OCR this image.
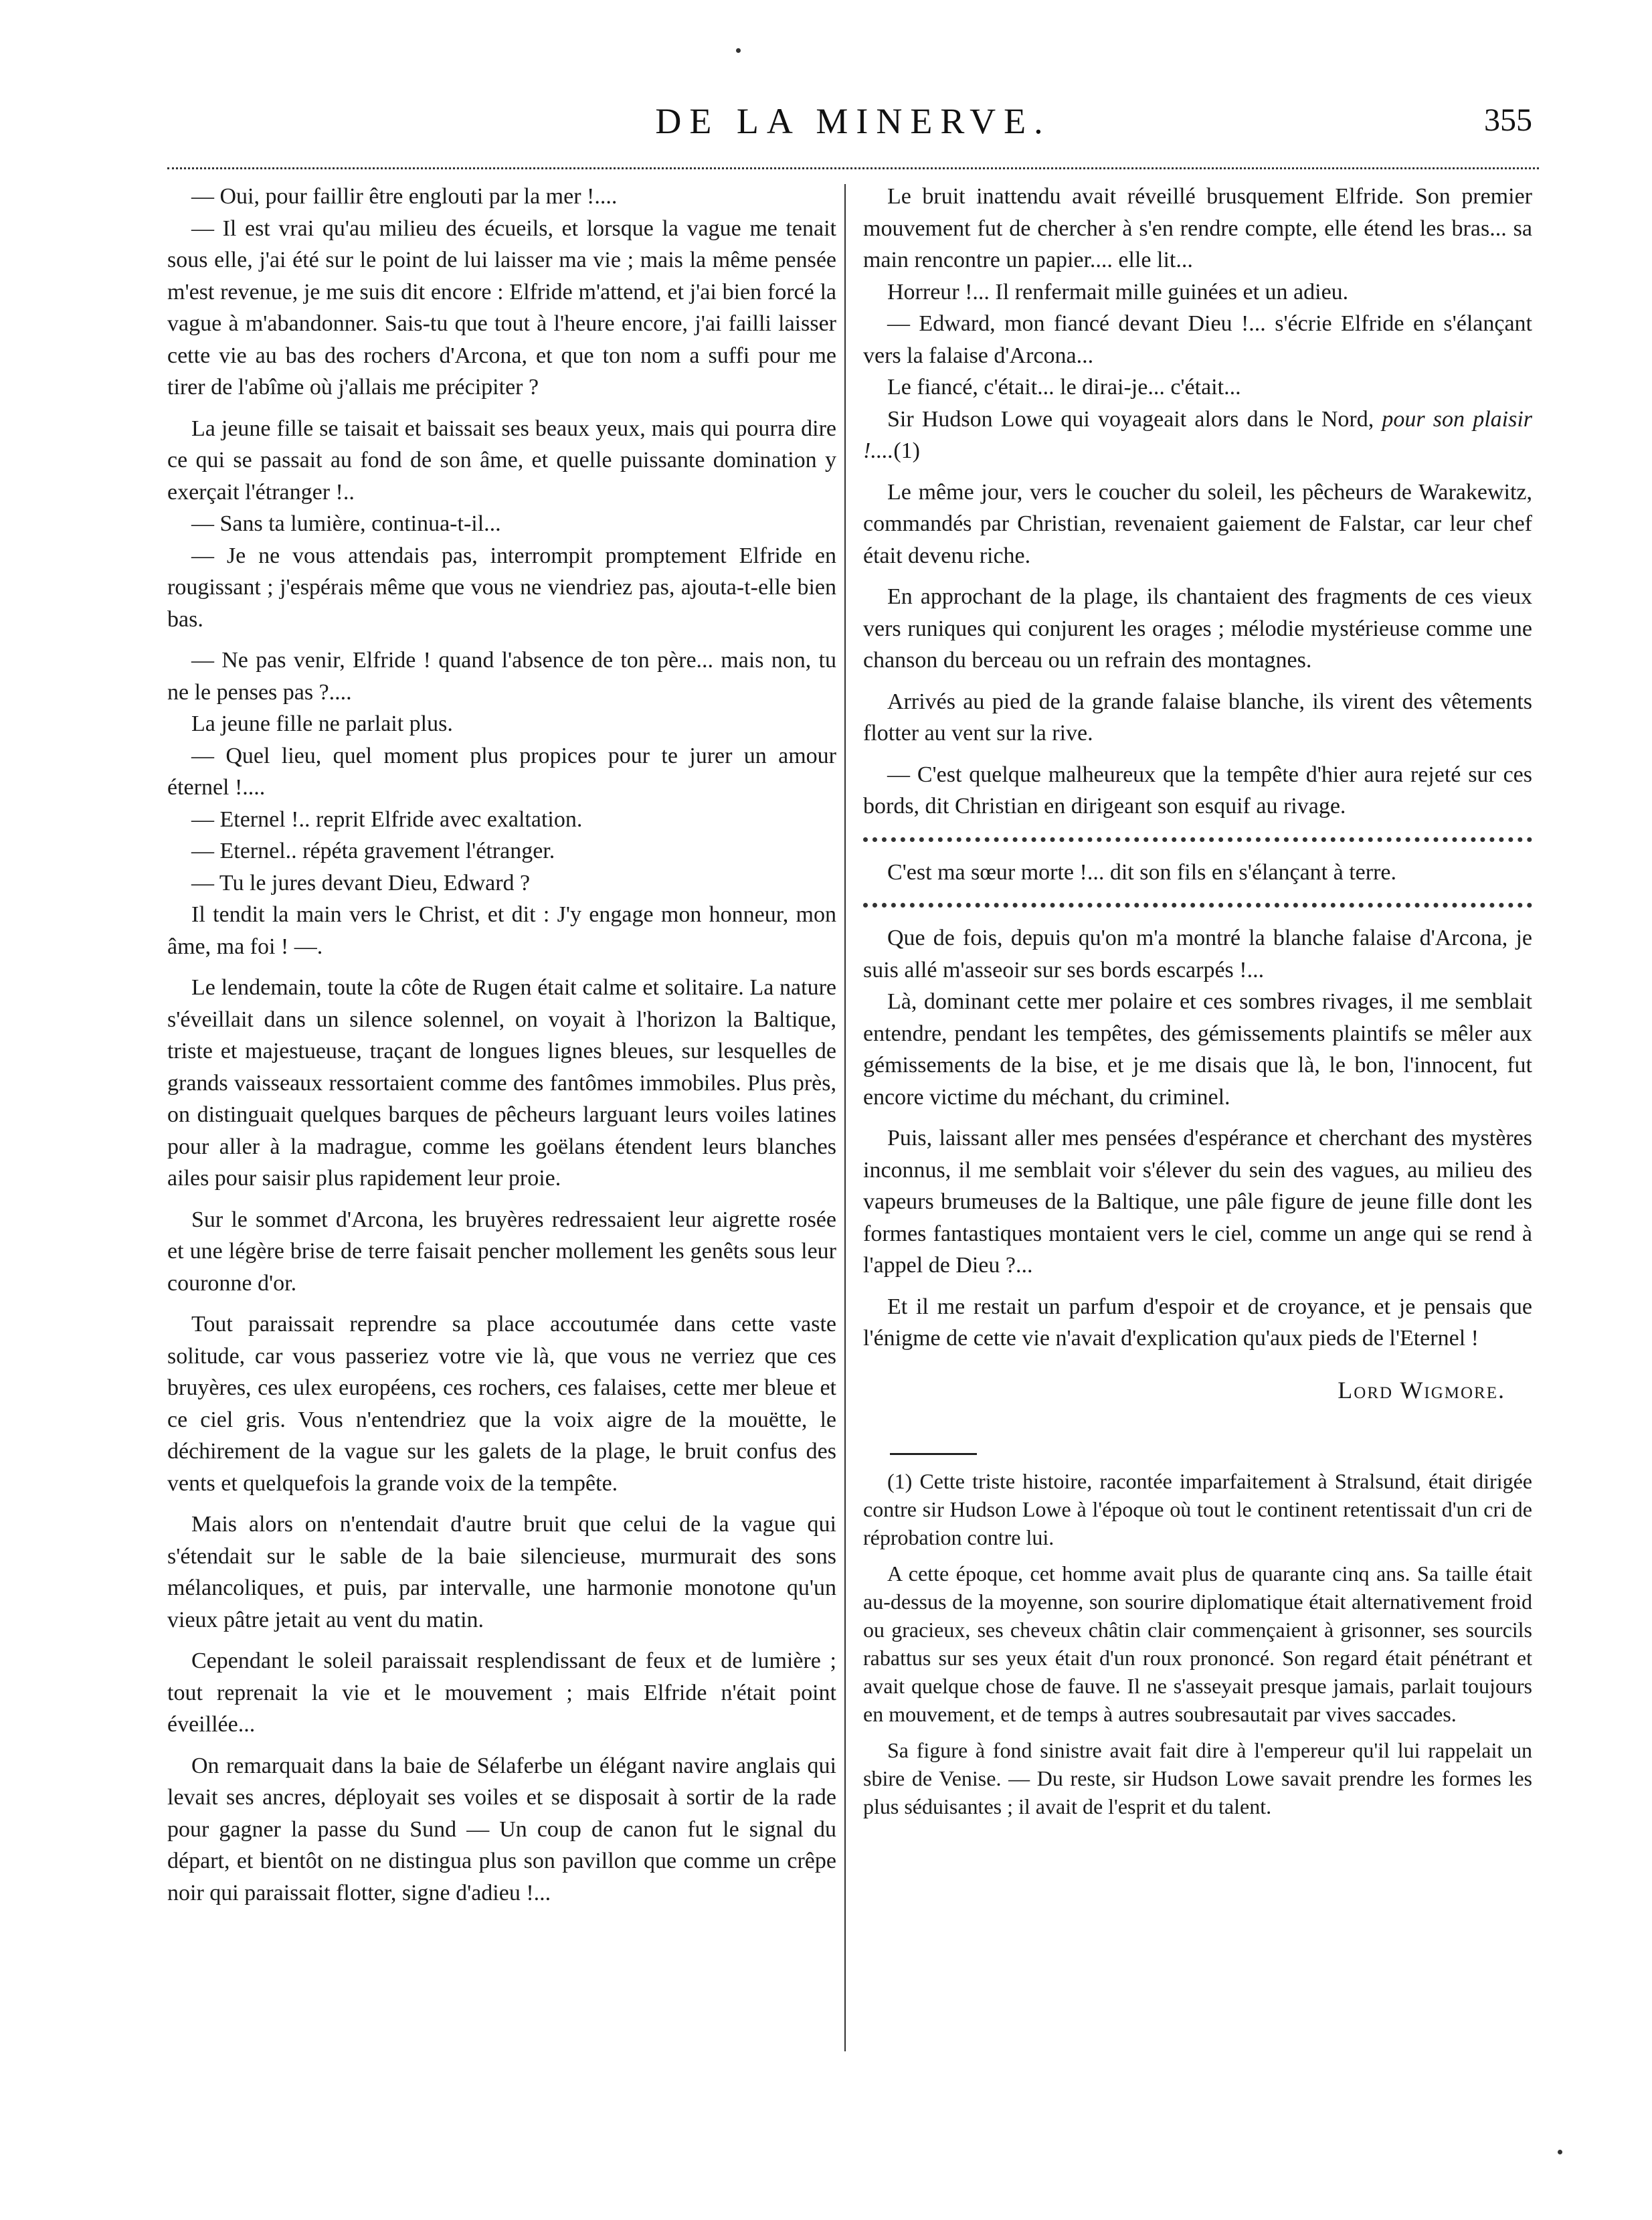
DE LA MINERVE.	355

— Oui, pour faillir être englouti par la mer !....

— Il est vrai qu'au milieu des écueils, et lorsque la vague me tenait sous elle, j'ai été sur le point de lui laisser ma vie ; mais la même pensée m'est revenue, je me suis dit encore : Elfride m'attend, et j'ai bien forcé la vague à m'abandonner. Sais-tu que tout à l'heure encore, j'ai failli laisser cette vie au bas des rochers d'Arcona, et que ton nom a suffi pour me tirer de l'abîme où j'allais me précipiter ?

La jeune fille se taisait et baissait ses beaux yeux, mais qui pourra dire ce qui se passait au fond de son âme, et quelle puissante domination y exerçait l'étranger !..

— Sans ta lumière, continua-t-il...

— Je ne vous attendais pas, interrompit promptement Elfride en rougissant ; j'espérais même que vous ne viendriez pas, ajouta-t-elle bien bas.

— Ne pas venir, Elfride ! quand l'absence de ton père... mais non, tu ne le penses pas ?....

La jeune fille ne parlait plus.

— Quel lieu, quel moment plus propices pour te jurer un amour éternel !....

— Eternel !.. reprit Elfride avec exaltation.

— Eternel.. répéta gravement l'étranger.

— Tu le jures devant Dieu, Edward ?

Il tendit la main vers le Christ, et dit : J'y engage mon honneur, mon âme, ma foi ! —.

Le lendemain, toute la côte de Rugen était calme et solitaire. La nature s'éveillait dans un silence solennel, on voyait à l'horizon la Baltique, triste et majestueuse, traçant de longues lignes bleues, sur lesquelles de grands vaisseaux ressortaient comme des fantômes immobiles. Plus près, on distinguait quelques barques de pêcheurs larguant leurs voiles latines pour aller à la madrague, comme les goëlans étendent leurs blanches ailes pour saisir plus rapidement leur proie.

Sur le sommet d'Arcona, les bruyères redressaient leur aigrette rosée et une légère brise de terre faisait pencher mollement les genêts sous leur couronne d'or.

Tout paraissait reprendre sa place accoutumée dans cette vaste solitude, car vous passeriez votre vie là, que vous ne verriez que ces bruyères, ces ulex européens, ces rochers, ces falaises, cette mer bleue et ce ciel gris. Vous n'entendriez que la voix aigre de la mouëtte, le déchirement de la vague sur les galets de la plage, le bruit confus des vents et quelquefois la grande voix de la tempête.

Mais alors on n'entendait d'autre bruit que celui de la vague qui s'étendait sur le sable de la baie silencieuse, murmurait des sons mélancoliques, et puis, par intervalle, une harmonie monotone qu'un vieux pâtre jetait au vent du matin.

Cependant le soleil paraissait resplendissant de feux et de lumière ; tout reprenait la vie et le mouvement ; mais Elfride n'était point éveillée...

On remarquait dans la baie de Sélaferbe un élégant navire anglais qui levait ses ancres, déployait ses voiles et se disposait à sortir de la rade pour gagner la passe du Sund — Un coup de canon fut le signal du départ, et bientôt on ne distingua plus son pavillon que comme un crêpe noir qui paraissait flotter, signe d'adieu !...

Le bruit inattendu avait réveillé brusquement Elfride. Son premier mouvement fut de chercher à s'en rendre compte, elle étend les bras... sa main rencontre un papier.... elle lit...

Horreur !... Il renfermait mille guinées et un adieu.

— Edward, mon fiancé devant Dieu !... s'écrie Elfride en s'élançant vers la falaise d'Arcona...

Le fiancé, c'était... le dirai-je... c'était...

Sir Hudson Lowe qui voyageait alors dans le Nord, pour son plaisir !....(1)

Le même jour, vers le coucher du soleil, les pêcheurs de Warakewitz, commandés par Christian, revenaient gaiement de Falstar, car leur chef était devenu riche.

En approchant de la plage, ils chantaient des fragments de ces vieux vers runiques qui conjurent les orages ; mélodie mystérieuse comme une chanson du berceau ou un refrain des montagnes.

Arrivés au pied de la grande falaise blanche, ils virent des vêtements flotter au vent sur la rive.

— C'est quelque malheureux que la tempête d'hier aura rejeté sur ces bords, dit Christian en dirigeant son esquif au rivage.

C'est ma sœur morte !... dit son fils en s'élançant à terre.

Que de fois, depuis qu'on m'a montré la blanche falaise d'Arcona, je suis allé m'asseoir sur ses bords escarpés !...

Là, dominant cette mer polaire et ces sombres rivages, il me semblait entendre, pendant les tempêtes, des gémissements plaintifs se mêler aux gémissements de la bise, et je me disais que là, le bon, l'innocent, fut encore victime du méchant, du criminel.

Puis, laissant aller mes pensées d'espérance et cherchant des mystères inconnus, il me semblait voir s'élever du sein des vagues, au milieu des vapeurs brumeuses de la Baltique, une pâle figure de jeune fille dont les formes fantastiques montaient vers le ciel, comme un ange qui se rend à l'appel de Dieu ?...

Et il me restait un parfum d'espoir et de croyance, et je pensais que l'énigme de cette vie n'avait d'explication qu'aux pieds de l'Eternel !

Lord Wigmore.

(1) Cette triste histoire, racontée imparfaitement à Stralsund, était dirigée contre sir Hudson Lowe à l'époque où tout le continent retentissait d'un cri de réprobation contre lui.

A cette époque, cet homme avait plus de quarante cinq ans. Sa taille était au-dessus de la moyenne, son sourire diplomatique était alternativement froid ou gracieux, ses cheveux châtin clair commençaient à grisonner, ses sourcils rabattus sur ses yeux était d'un roux prononcé. Son regard était pénétrant et avait quelque chose de fauve. Il ne s'asseyait presque jamais, parlait toujours en mouvement, et de temps à autres soubresautait par vives saccades.

Sa figure à fond sinistre avait fait dire à l'empereur qu'il lui rappelait un sbire de Venise. — Du reste, sir Hudson Lowe savait prendre les formes les plus séduisantes ; il avait de l'esprit et du talent.
